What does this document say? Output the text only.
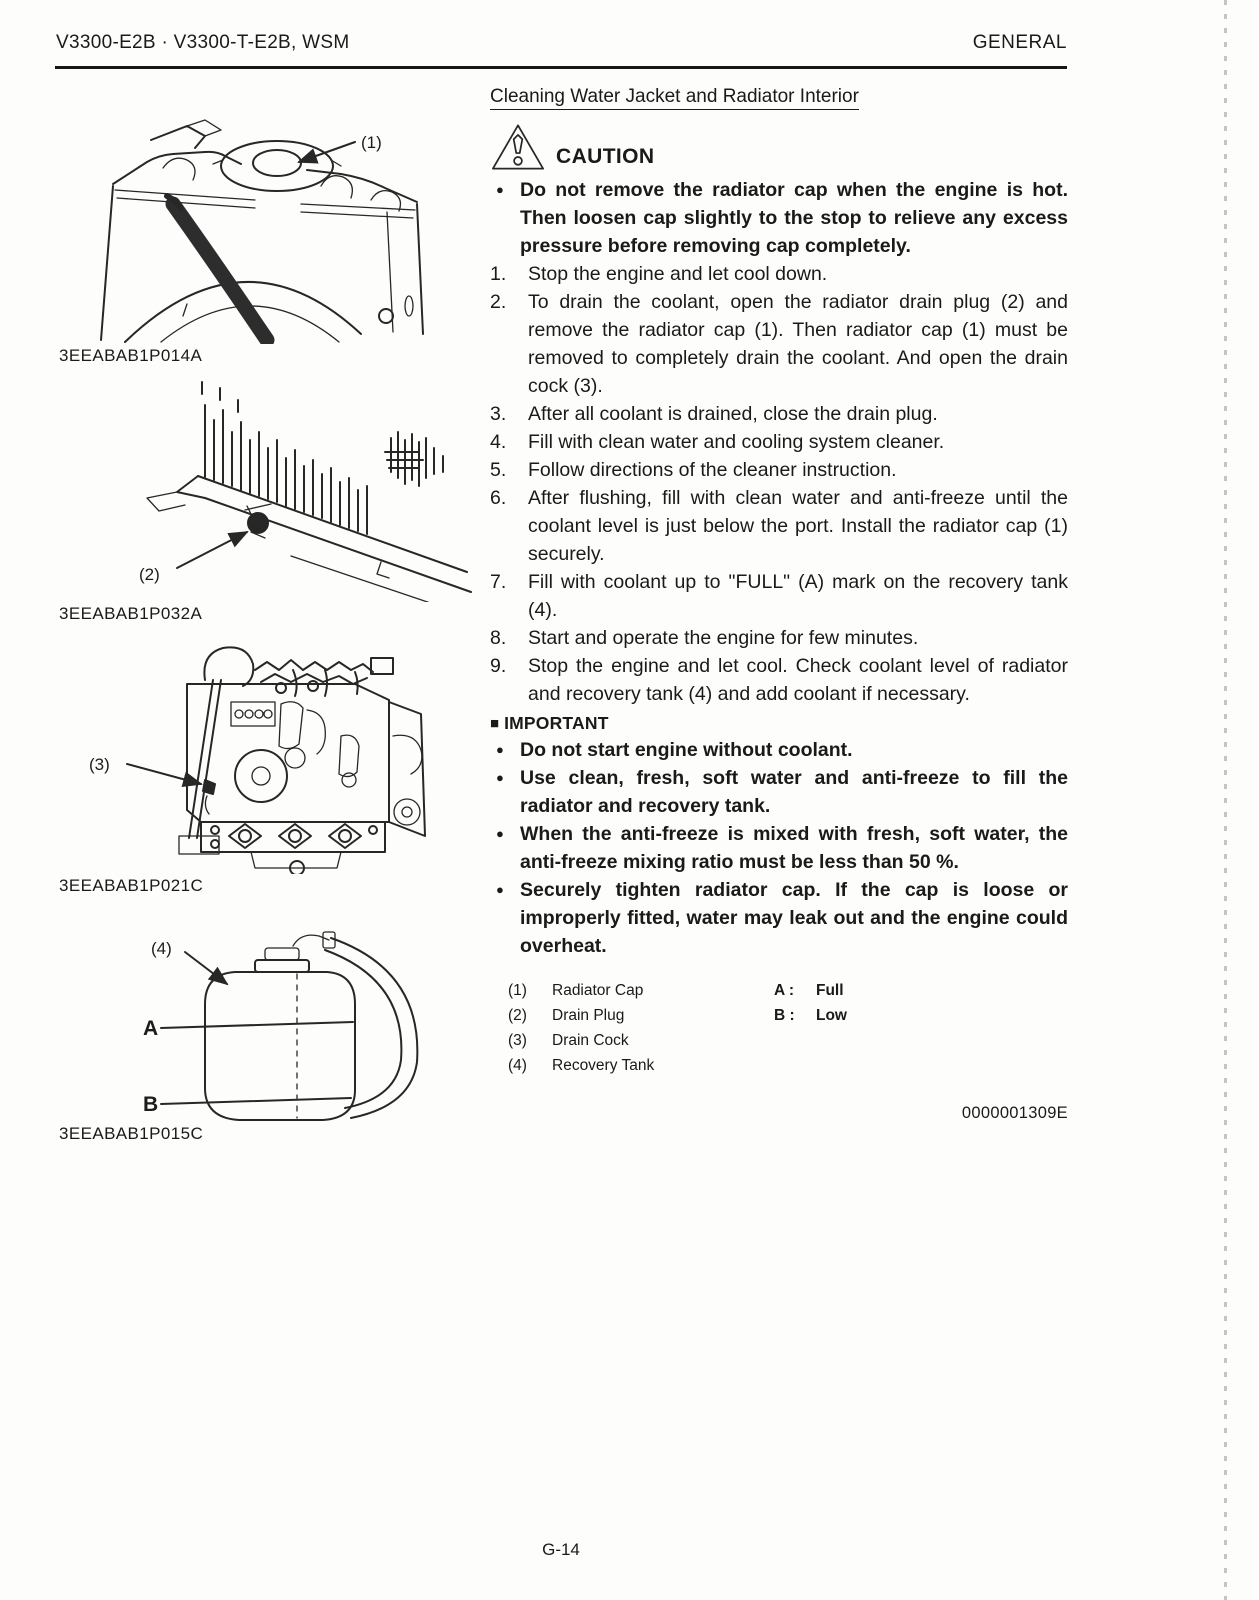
V3300-E2B · V3300-T-E2B, WSM	GENERAL
(1)
3EEABAB1P014A
(2)
3EEABAB1P032A
(3)
3EEABAB1P021C
A
B
(4)
3EEABAB1P015C
Cleaning Water Jacket and Radiator Interior
CAUTION
● Do not remove the radiator cap when the engine is hot. Then loosen cap slightly to the stop to relieve any excess pressure before removing cap completely.
1.	Stop the engine and let cool down.
2.	To drain the coolant, open the radiator drain plug (2) and remove the radiator cap (1). Then radiator cap (1) must be removed to completely drain the coolant. And open the drain cock (3).
3.	After all coolant is drained, close the drain plug.
4.	Fill with clean water and cooling system cleaner.
5.	Follow directions of the cleaner instruction.
6.	After flushing, fill with clean water and anti-freeze until the coolant level is just below the port. Install the radiator cap (1) securely.
7.	Fill with coolant up to "FULL" (A) mark on the recovery tank (4).
8.	Start and operate the engine for few minutes.
9.	Stop the engine and let cool. Check coolant level of radiator and recovery tank (4) and add coolant if necessary.
■ IMPORTANT
● Do not start engine without coolant.
● Use clean, fresh, soft water and anti-freeze to fill the radiator and recovery tank.
● When the anti-freeze is mixed with fresh, soft water, the anti-freeze mixing ratio must be less than 50 %.
● Securely tighten radiator cap. If the cap is loose or improperly fitted, water may leak out and the engine could overheat.
(1)	Radiator Cap
(2)	Drain Plug
(3)	Drain Cock
(4)	Recovery Tank
A :	Full
B :	Low
0000001309E
G-14
